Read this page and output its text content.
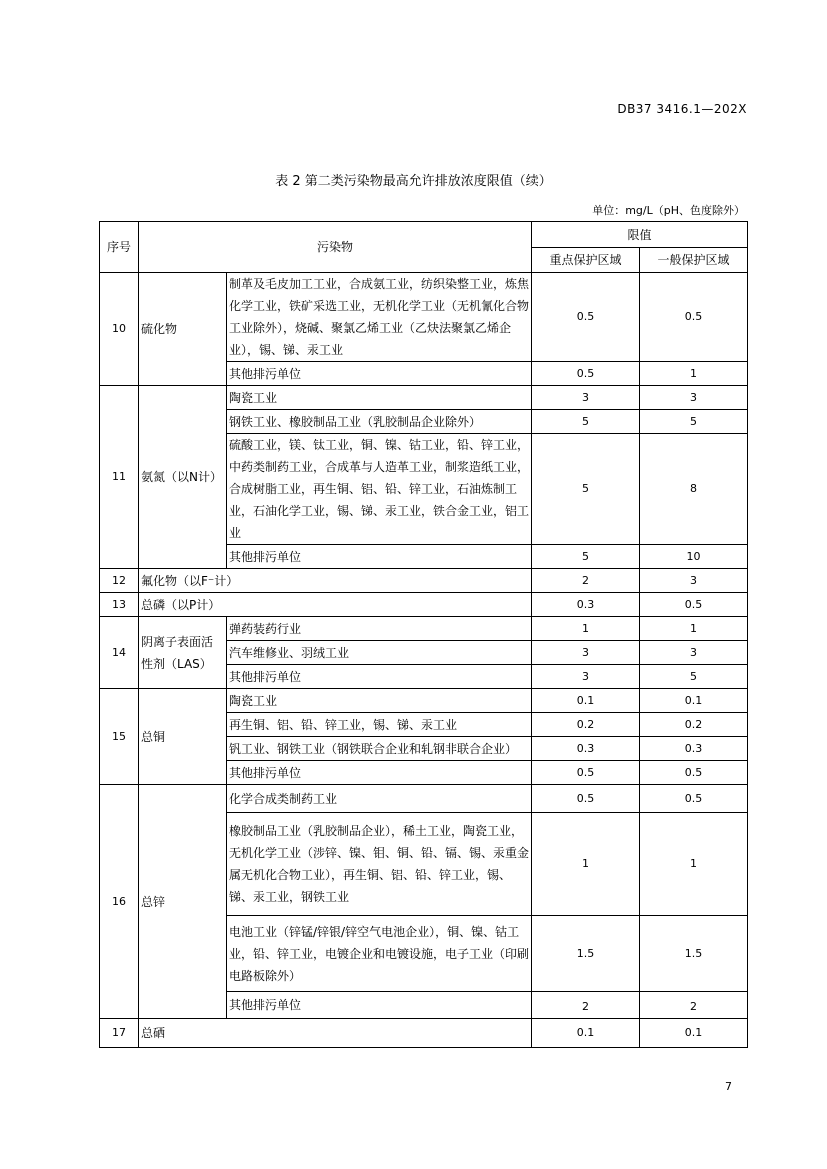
DB37 3416.1—202X
表 2 第二类污染物最高允许排放浓度限值（续）
单位：mg/L（pH、色度除外）
序号	污染物		限值	
			重点保护区域	一般保护区域
10	硫化物	制革及毛皮加工工业，合成氨工业，纺织染整工业，炼焦化学工业，铁矿采选工业，无机化学工业（无机氰化合物工业除外），烧碱、聚氯乙烯工业（乙炔法聚氯乙烯企业），锡、锑、汞工业	0.5	0.5
		其他排污单位	0.5	1
11	氨氮（以N计）	陶瓷工业	3	3
		钢铁工业、橡胶制品工业（乳胶制品企业除外）	5	5
		硫酸工业，镁、钛工业，铜、镍、钴工业，铅、锌工业，中药类制药工业，合成革与人造革工业，制浆造纸工业，合成树脂工业，再生铜、铝、铅、锌工业，石油炼制工业，石油化学工业，锡、锑、汞工业，铁合金工业，铝工业	5	8
		其他排污单位	5	10
12	氟化物（以F⁻计）		2	3
13	总磷（以P计）		0.3	0.5
14	阴离子表面活性剂（LAS）	弹药装药行业	1	1
		汽车维修业、羽绒工业	3	3
		其他排污单位	3	5
15	总铜	陶瓷工业	0.1	0.1
		再生铜、铝、铅、锌工业，锡、锑、汞工业	0.2	0.2
		钒工业、钢铁工业（钢铁联合企业和轧钢非联合企业）	0.3	0.3
		其他排污单位	0.5	0.5
16	总锌	化学合成类制药工业	0.5	0.5
		橡胶制品工业（乳胶制品企业），稀土工业，陶瓷工业，无机化学工业（涉锌、镍、钼、铜、铅、镉、锡、汞重金属无机化合物工业），再生铜、铝、铅、锌工业，锡、锑、汞工业，钢铁工业	1	1
		电池工业（锌锰/锌银/锌空气电池企业），铜、镍、钴工业，铅、锌工业，电镀企业和电镀设施，电子工业（印刷电路板除外）	1.5	1.5
		其他排污单位	2	2
17	总硒		0.1	0.1
7
